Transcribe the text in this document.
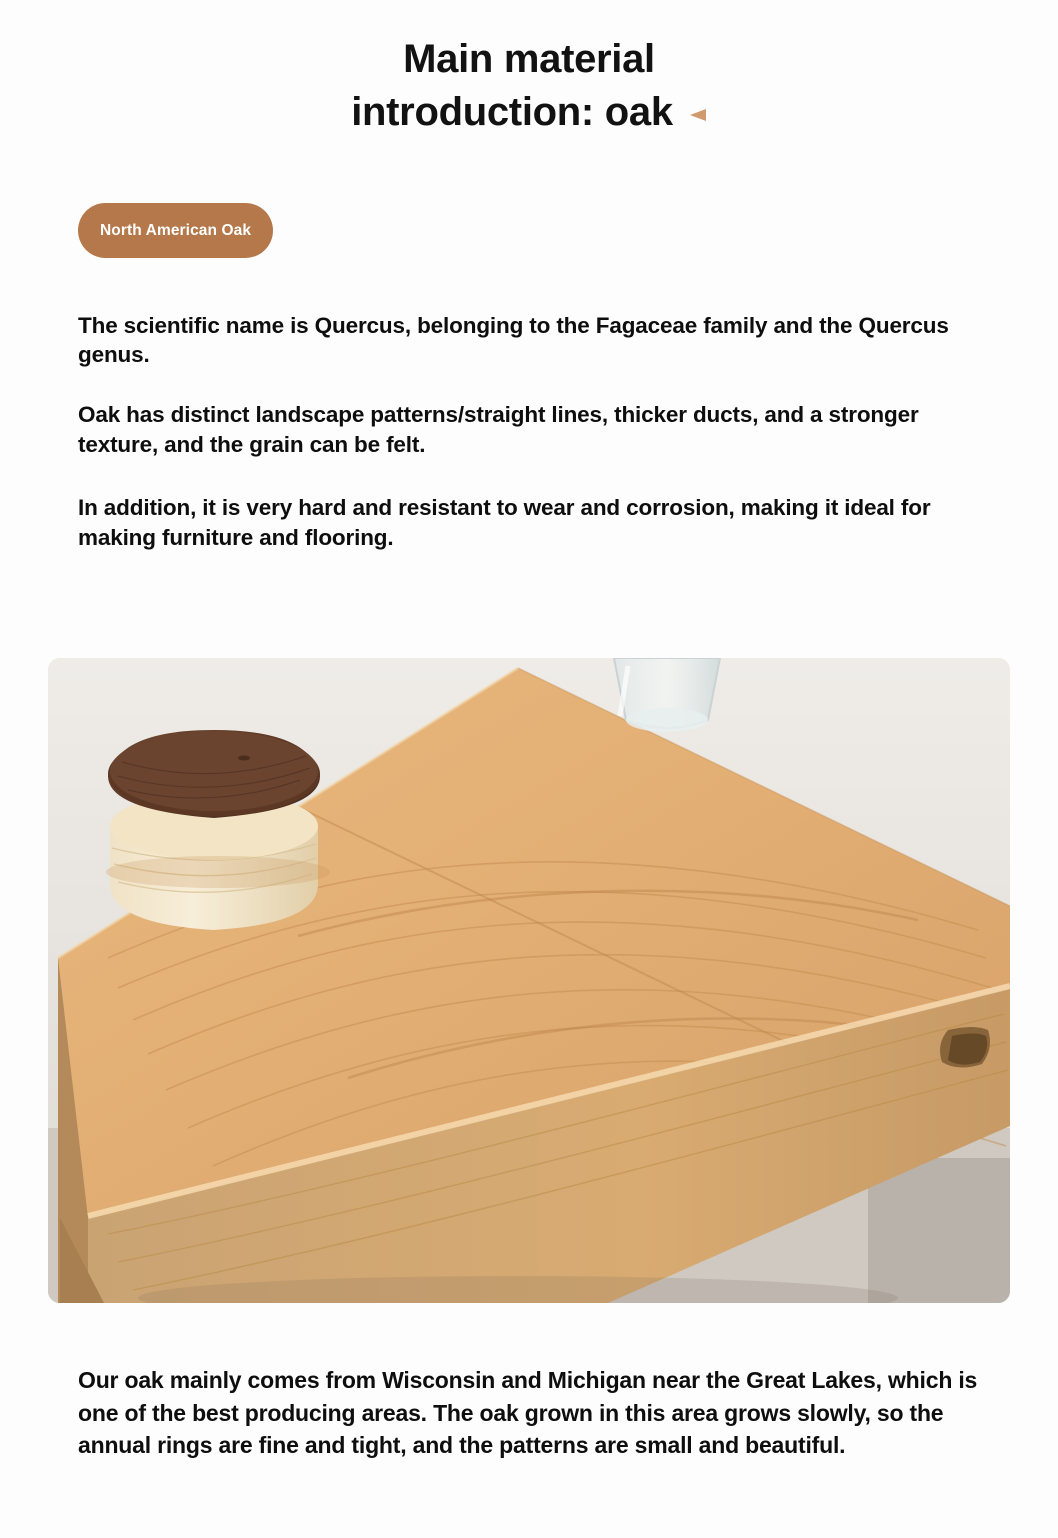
Main material
introduction: oak
North American Oak

The scientific name is Quercus, belonging to the Fagaceae family and the Quercus genus.

Oak has distinct landscape patterns/straight lines, thicker ducts, and a stronger texture, and the grain can be felt.

In addition, it is very hard and resistant to wear and corrosion, making it ideal for making furniture and flooring.

Our oak mainly comes from Wisconsin and Michigan near the Great Lakes, which is one of the best producing areas. The oak grown in this area grows slowly, so the annual rings are fine and tight, and the patterns are small and beautiful.
